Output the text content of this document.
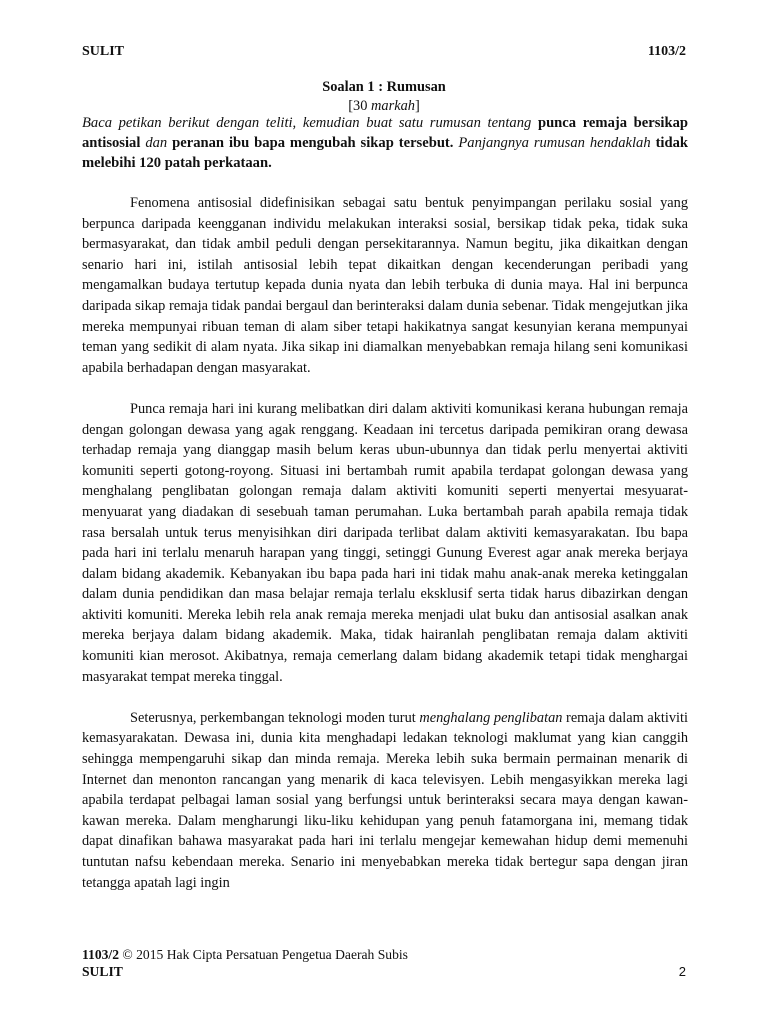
SULIT	1103/2
Soalan 1 : Rumusan
[30 markah]
Baca petikan berikut dengan teliti, kemudian buat satu rumusan tentang punca remaja bersikap antisosial dan peranan ibu bapa mengubah sikap tersebut. Panjangnya rumusan hendaklah tidak melebihi 120 patah perkataan.

Fenomena antisosial didefinisikan sebagai satu bentuk penyimpangan perilaku sosial yang berpunca daripada keengganan individu melakukan interaksi sosial, bersikap tidak peka, tidak suka bermasyarakat, dan tidak ambil peduli dengan persekitarannya. Namun begitu, jika dikaitkan dengan senario hari ini, istilah antisosial lebih tepat dikaitkan dengan kecenderungan peribadi yang mengamalkan budaya tertutup kepada dunia nyata dan lebih terbuka di dunia maya. Hal ini berpunca daripada sikap remaja tidak pandai bergaul dan berinteraksi dalam dunia sebenar. Tidak mengejutkan jika mereka mempunyai ribuan teman di alam siber tetapi hakikatnya sangat kesunyian kerana mempunyai teman yang sedikit di alam nyata. Jika sikap ini diamalkan menyebabkan remaja hilang seni komunikasi apabila berhadapan dengan masyarakat.

Punca remaja hari ini kurang melibatkan diri dalam aktiviti komunikasi kerana hubungan remaja dengan golongan dewasa yang agak renggang. Keadaan ini tercetus daripada pemikiran orang dewasa terhadap remaja yang dianggap masih belum keras ubun-ubunnya dan tidak perlu menyertai aktiviti komuniti seperti gotong-royong. Situasi ini bertambah rumit apabila terdapat golongan dewasa yang menghalang penglibatan golongan remaja dalam aktiviti komuniti seperti menyertai mesyuarat-menyuarat yang diadakan di sesebuah taman perumahan. Luka bertambah parah apabila remaja tidak rasa bersalah untuk terus menyisihkan diri daripada terlibat dalam aktiviti kemasyarakatan. Ibu bapa pada hari ini terlalu menaruh harapan yang tinggi, setinggi Gunung Everest agar anak mereka berjaya dalam bidang akademik. Kebanyakan ibu bapa pada hari ini tidak mahu anak-anak mereka ketinggalan dalam dunia pendidikan dan masa belajar remaja terlalu eksklusif serta tidak harus dibazirkan dengan aktiviti komuniti. Mereka lebih rela anak remaja mereka menjadi ulat buku dan antisosial asalkan anak mereka berjaya dalam bidang akademik. Maka, tidak hairanlah penglibatan remaja dalam aktiviti komuniti kian merosot. Akibatnya, remaja cemerlang dalam bidang akademik tetapi tidak menghargai masyarakat tempat mereka tinggal.

Seterusnya, perkembangan teknologi moden turut menghalang penglibatan remaja dalam aktiviti kemasyarakatan. Dewasa ini, dunia kita menghadapi ledakan teknologi maklumat yang kian canggih sehingga mempengaruhi sikap dan minda remaja. Mereka lebih suka bermain permainan menarik di Internet dan menonton rancangan yang menarik di kaca televisyen. Lebih mengasyikkan mereka lagi apabila terdapat pelbagai laman sosial yang berfungsi untuk berinteraksi secara maya dengan kawan-kawan mereka. Dalam mengharungi liku-liku kehidupan yang penuh fatamorgana ini, memang tidak dapat dinafikan bahawa masyarakat pada hari ini terlalu mengejar kemewahan hidup demi memenuhi tuntutan nafsu kebendaan mereka. Senario ini menyebabkan mereka tidak bertegur sapa dengan jiran tetangga apatah lagi ingin

1103/2 © 2015 Hak Cipta Persatuan Pengetua Daerah Subis
SULIT	2
